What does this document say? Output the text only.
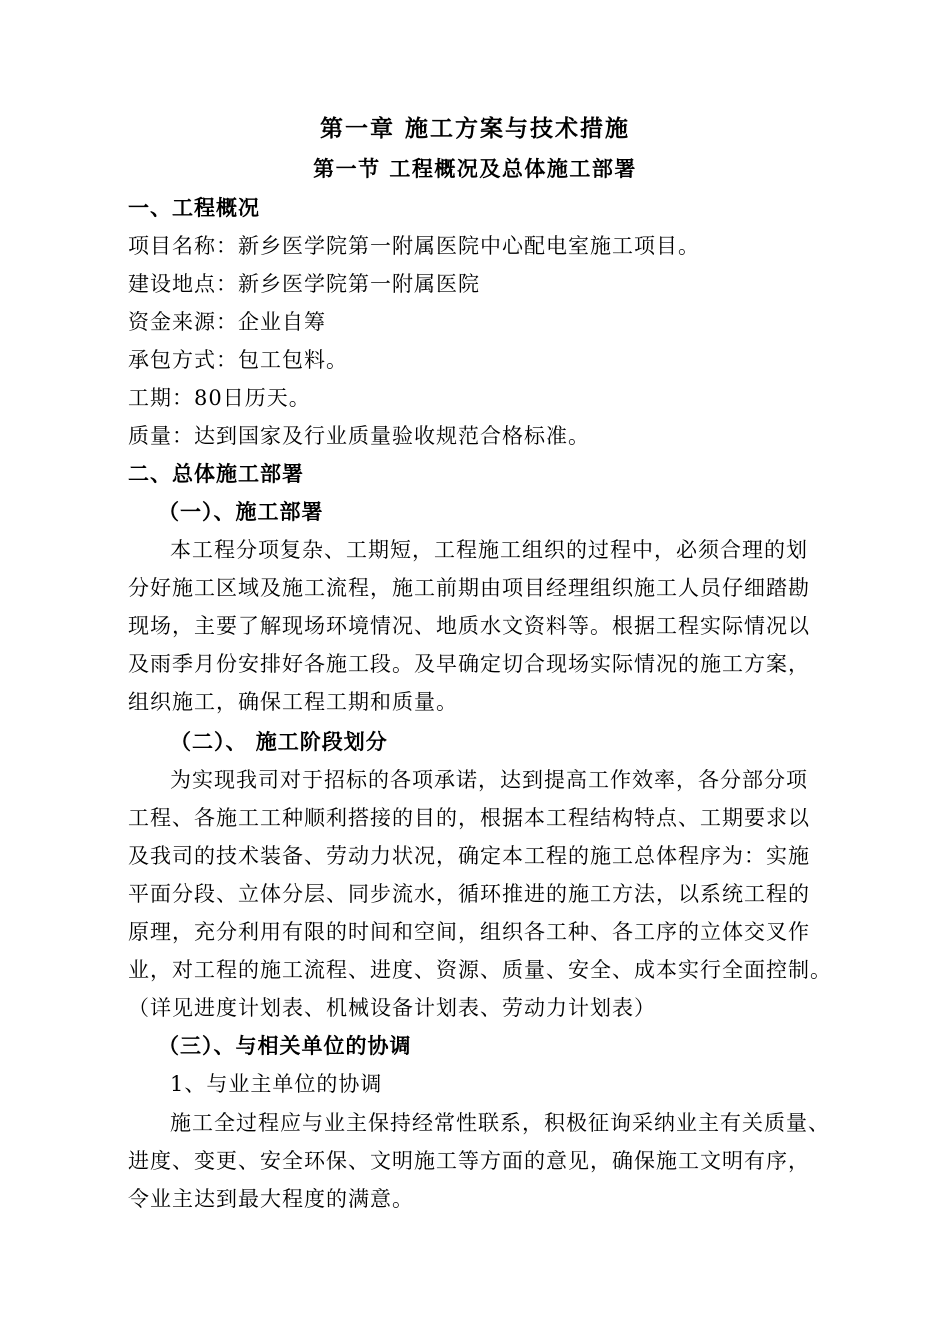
第一章 施工方案与技术措施
第一节 工程概况及总体施工部署
一、工程概况
项目名称：新乡医学院第一附属医院中心配电室施工项目。
建设地点：新乡医学院第一附属医院
资金来源：企业自筹
承包方式：包工包料。
工期：80日历天。
质量：达到国家及行业质量验收规范合格标准。
二、总体施工部署
（一）、施工部署
本工程分项复杂、工期短，工程施工组织的过程中，必须合理的划
分好施工区域及施工流程，施工前期由项目经理组织施工人员仔细踏勘
现场，主要了解现场环境情况、地质水文资料等。根据工程实际情况以
及雨季月份安排好各施工段。及早确定切合现场实际情况的施工方案，
组织施工，确保工程工期和质量。
（二）、 施工阶段划分
为实现我司对于招标的各项承诺，达到提高工作效率，各分部分项
工程、各施工工种顺利搭接的目的，根据本工程结构特点、工期要求以
及我司的技术装备、劳动力状况，确定本工程的施工总体程序为：实施
平面分段、立体分层、同步流水，循环推进的施工方法，以系统工程的
原理，充分利用有限的时间和空间，组织各工种、各工序的立体交叉作
业，对工程的施工流程、进度、资源、质量、安全、成本实行全面控制。
（详见进度计划表、机械设备计划表、劳动力计划表）
（三）、与相关单位的协调
1、与业主单位的协调
施工全过程应与业主保持经常性联系，积极征询采纳业主有关质量、
进度、变更、安全环保、文明施工等方面的意见，确保施工文明有序，
令业主达到最大程度的满意。
